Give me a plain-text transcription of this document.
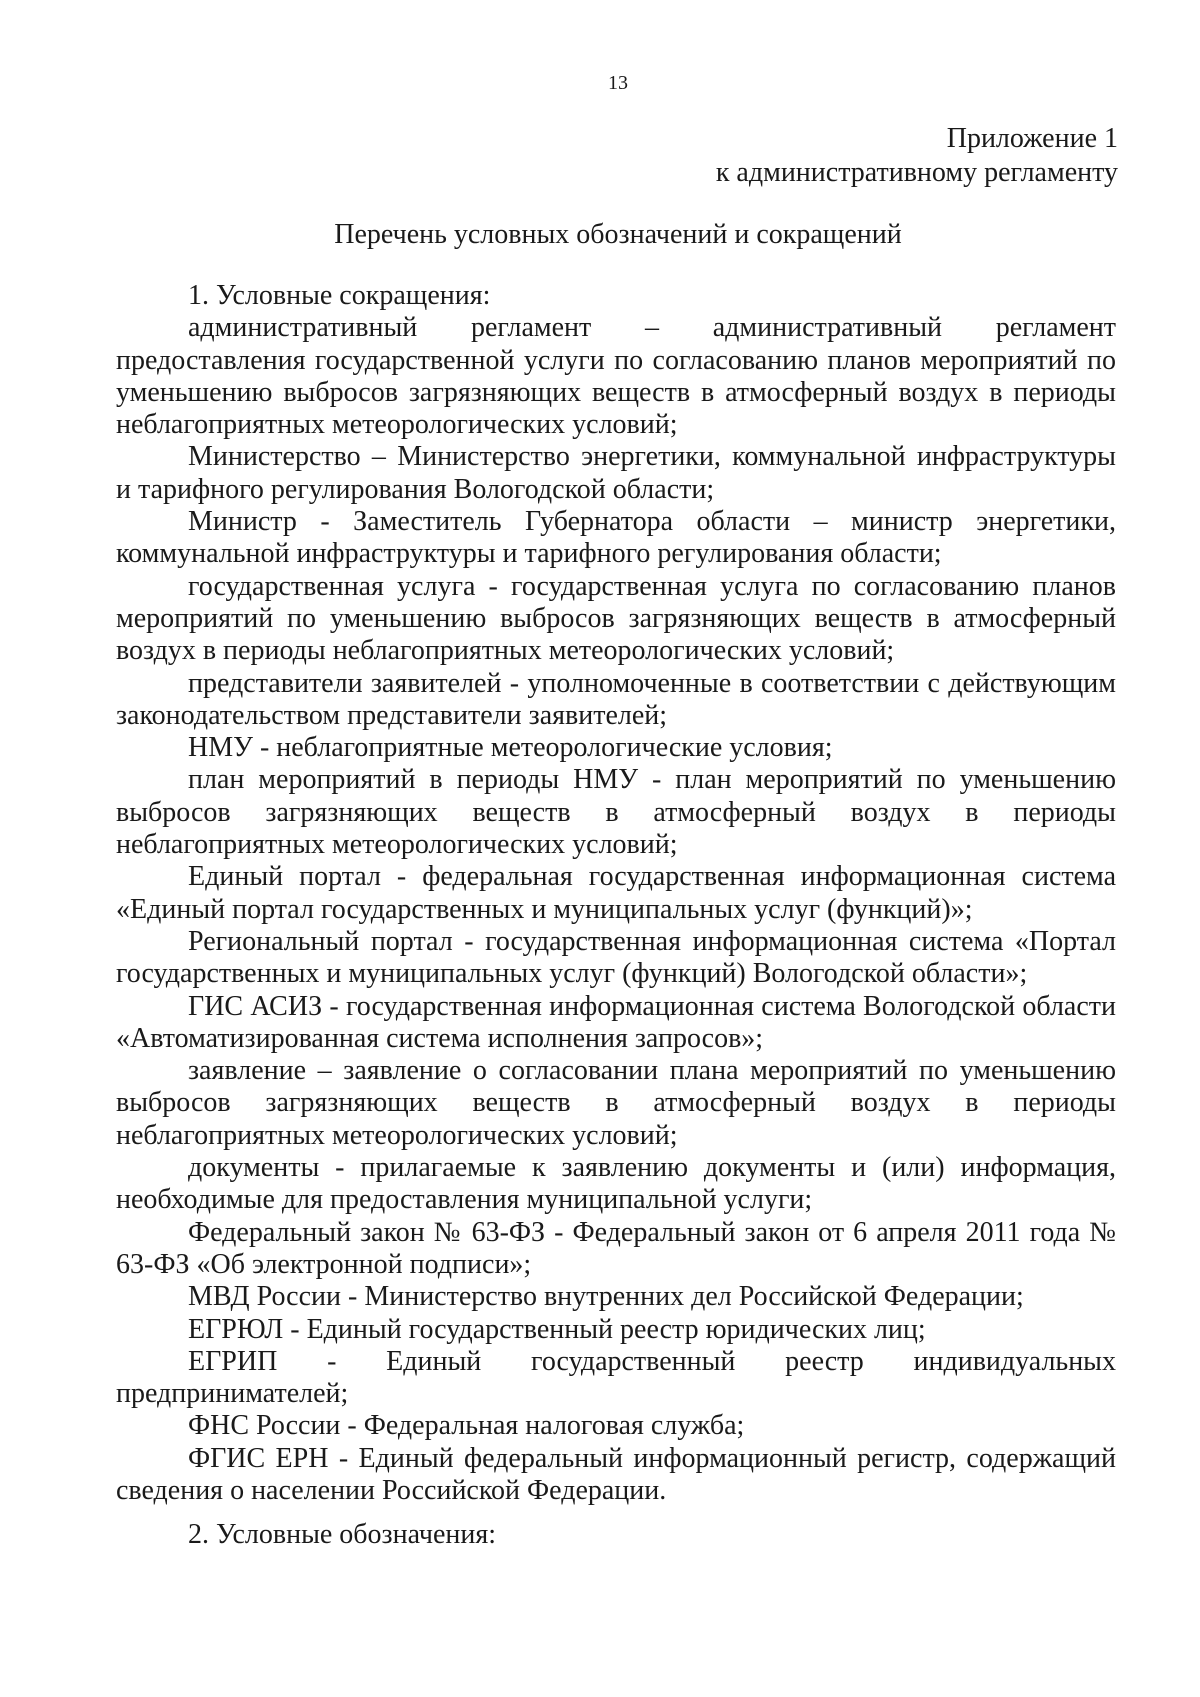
13
Приложение 1
к административному регламенту
Перечень условных обозначений и сокращений
1. Условные сокращения:

административный регламент – административный регламент предоставления государственной услуги по согласованию планов мероприятий по уменьшению выбросов загрязняющих веществ в атмосферный воздух в периоды неблагоприятных метеорологических условий;

Министерство – Министерство энергетики, коммунальной инфраструктуры и тарифного регулирования Вологодской области;

Министр - Заместитель Губернатора области – министр энергетики, коммунальной инфраструктуры и тарифного регулирования области;

государственная услуга - государственная услуга по согласованию планов мероприятий по уменьшению выбросов загрязняющих веществ в атмосферный воздух в периоды неблагоприятных метеорологических условий;

представители заявителей - уполномоченные в соответствии с действующим законодательством представители заявителей;

НМУ - неблагоприятные метеорологические условия;

план мероприятий в периоды НМУ - план мероприятий по уменьшению выбросов загрязняющих веществ в атмосферный воздух в периоды неблагоприятных метеорологических условий;

Единый портал - федеральная государственная информационная система «Единый портал государственных и муниципальных услуг (функций)»;

Региональный портал - государственная информационная система «Портал государственных и муниципальных услуг (функций) Вологодской области»;

ГИС АСИЗ - государственная информационная система Вологодской области «Автоматизированная система исполнения запросов»;

заявление – заявление о согласовании плана мероприятий по уменьшению выбросов загрязняющих веществ в атмосферный воздух в периоды неблагоприятных метеорологических условий;

документы - прилагаемые к заявлению документы и (или) информация, необходимые для предоставления муниципальной услуги;

Федеральный закон № 63-ФЗ - Федеральный закон от 6 апреля 2011 года № 63-ФЗ «Об электронной подписи»;

МВД России - Министерство внутренних дел Российской Федерации;

ЕГРЮЛ - Единый государственный реестр юридических лиц;

ЕГРИП - Единый государственный реестр индивидуальных предпринимателей;

ФНС России - Федеральная налоговая служба;

ФГИС ЕРН - Единый федеральный информационный регистр, содержащий сведения о населении Российской Федерации.

2. Условные обозначения:
